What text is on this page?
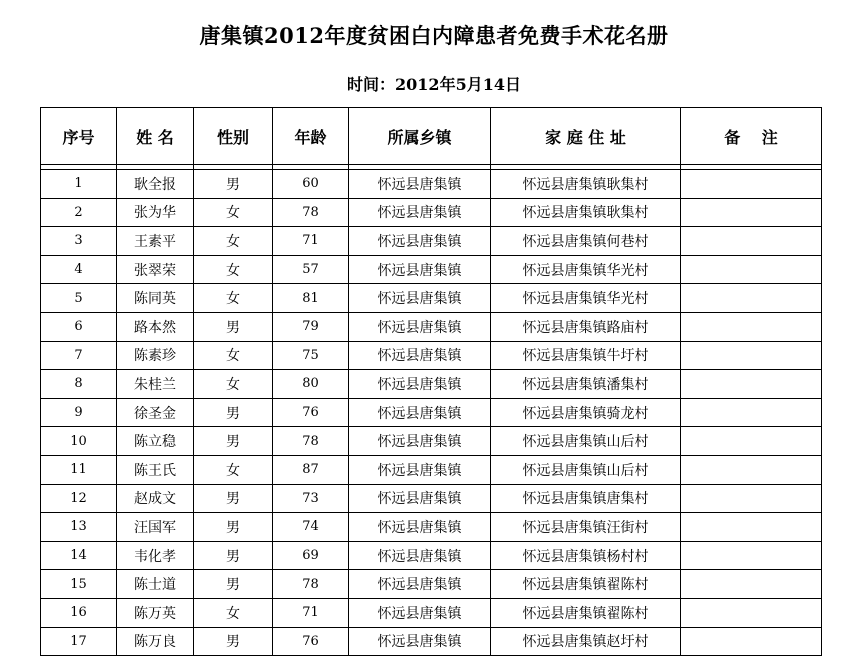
唐集镇2012年度贫困白内障患者免费手术花名册
时间：2012年5月14日
序号	姓 名	性别	年龄	所属乡镇	家 庭 住 址	备　 注

1	耿全报	男	60	怀远县唐集镇	怀远县唐集镇耿集村	
2	张为华	女	78	怀远县唐集镇	怀远县唐集镇耿集村	
3	王素平	女	71	怀远县唐集镇	怀远县唐集镇何巷村	
4	张翠荣	女	57	怀远县唐集镇	怀远县唐集镇华光村	
5	陈同英	女	81	怀远县唐集镇	怀远县唐集镇华光村	
6	路本然	男	79	怀远县唐集镇	怀远县唐集镇路庙村	
7	陈素珍	女	75	怀远县唐集镇	怀远县唐集镇牛圩村	
8	朱桂兰	女	80	怀远县唐集镇	怀远县唐集镇潘集村	
9	徐圣金	男	76	怀远县唐集镇	怀远县唐集镇骑龙村	
10	陈立稳	男	78	怀远县唐集镇	怀远县唐集镇山后村	
11	陈王氏	女	87	怀远县唐集镇	怀远县唐集镇山后村	
12	赵成文	男	73	怀远县唐集镇	怀远县唐集镇唐集村	
13	汪国军	男	74	怀远县唐集镇	怀远县唐集镇汪街村	
14	韦化孝	男	69	怀远县唐集镇	怀远县唐集镇杨村村	
15	陈士道	男	78	怀远县唐集镇	怀远县唐集镇翟陈村	
16	陈万英	女	71	怀远县唐集镇	怀远县唐集镇翟陈村	
17	陈万良	男	76	怀远县唐集镇	怀远县唐集镇赵圩村	
